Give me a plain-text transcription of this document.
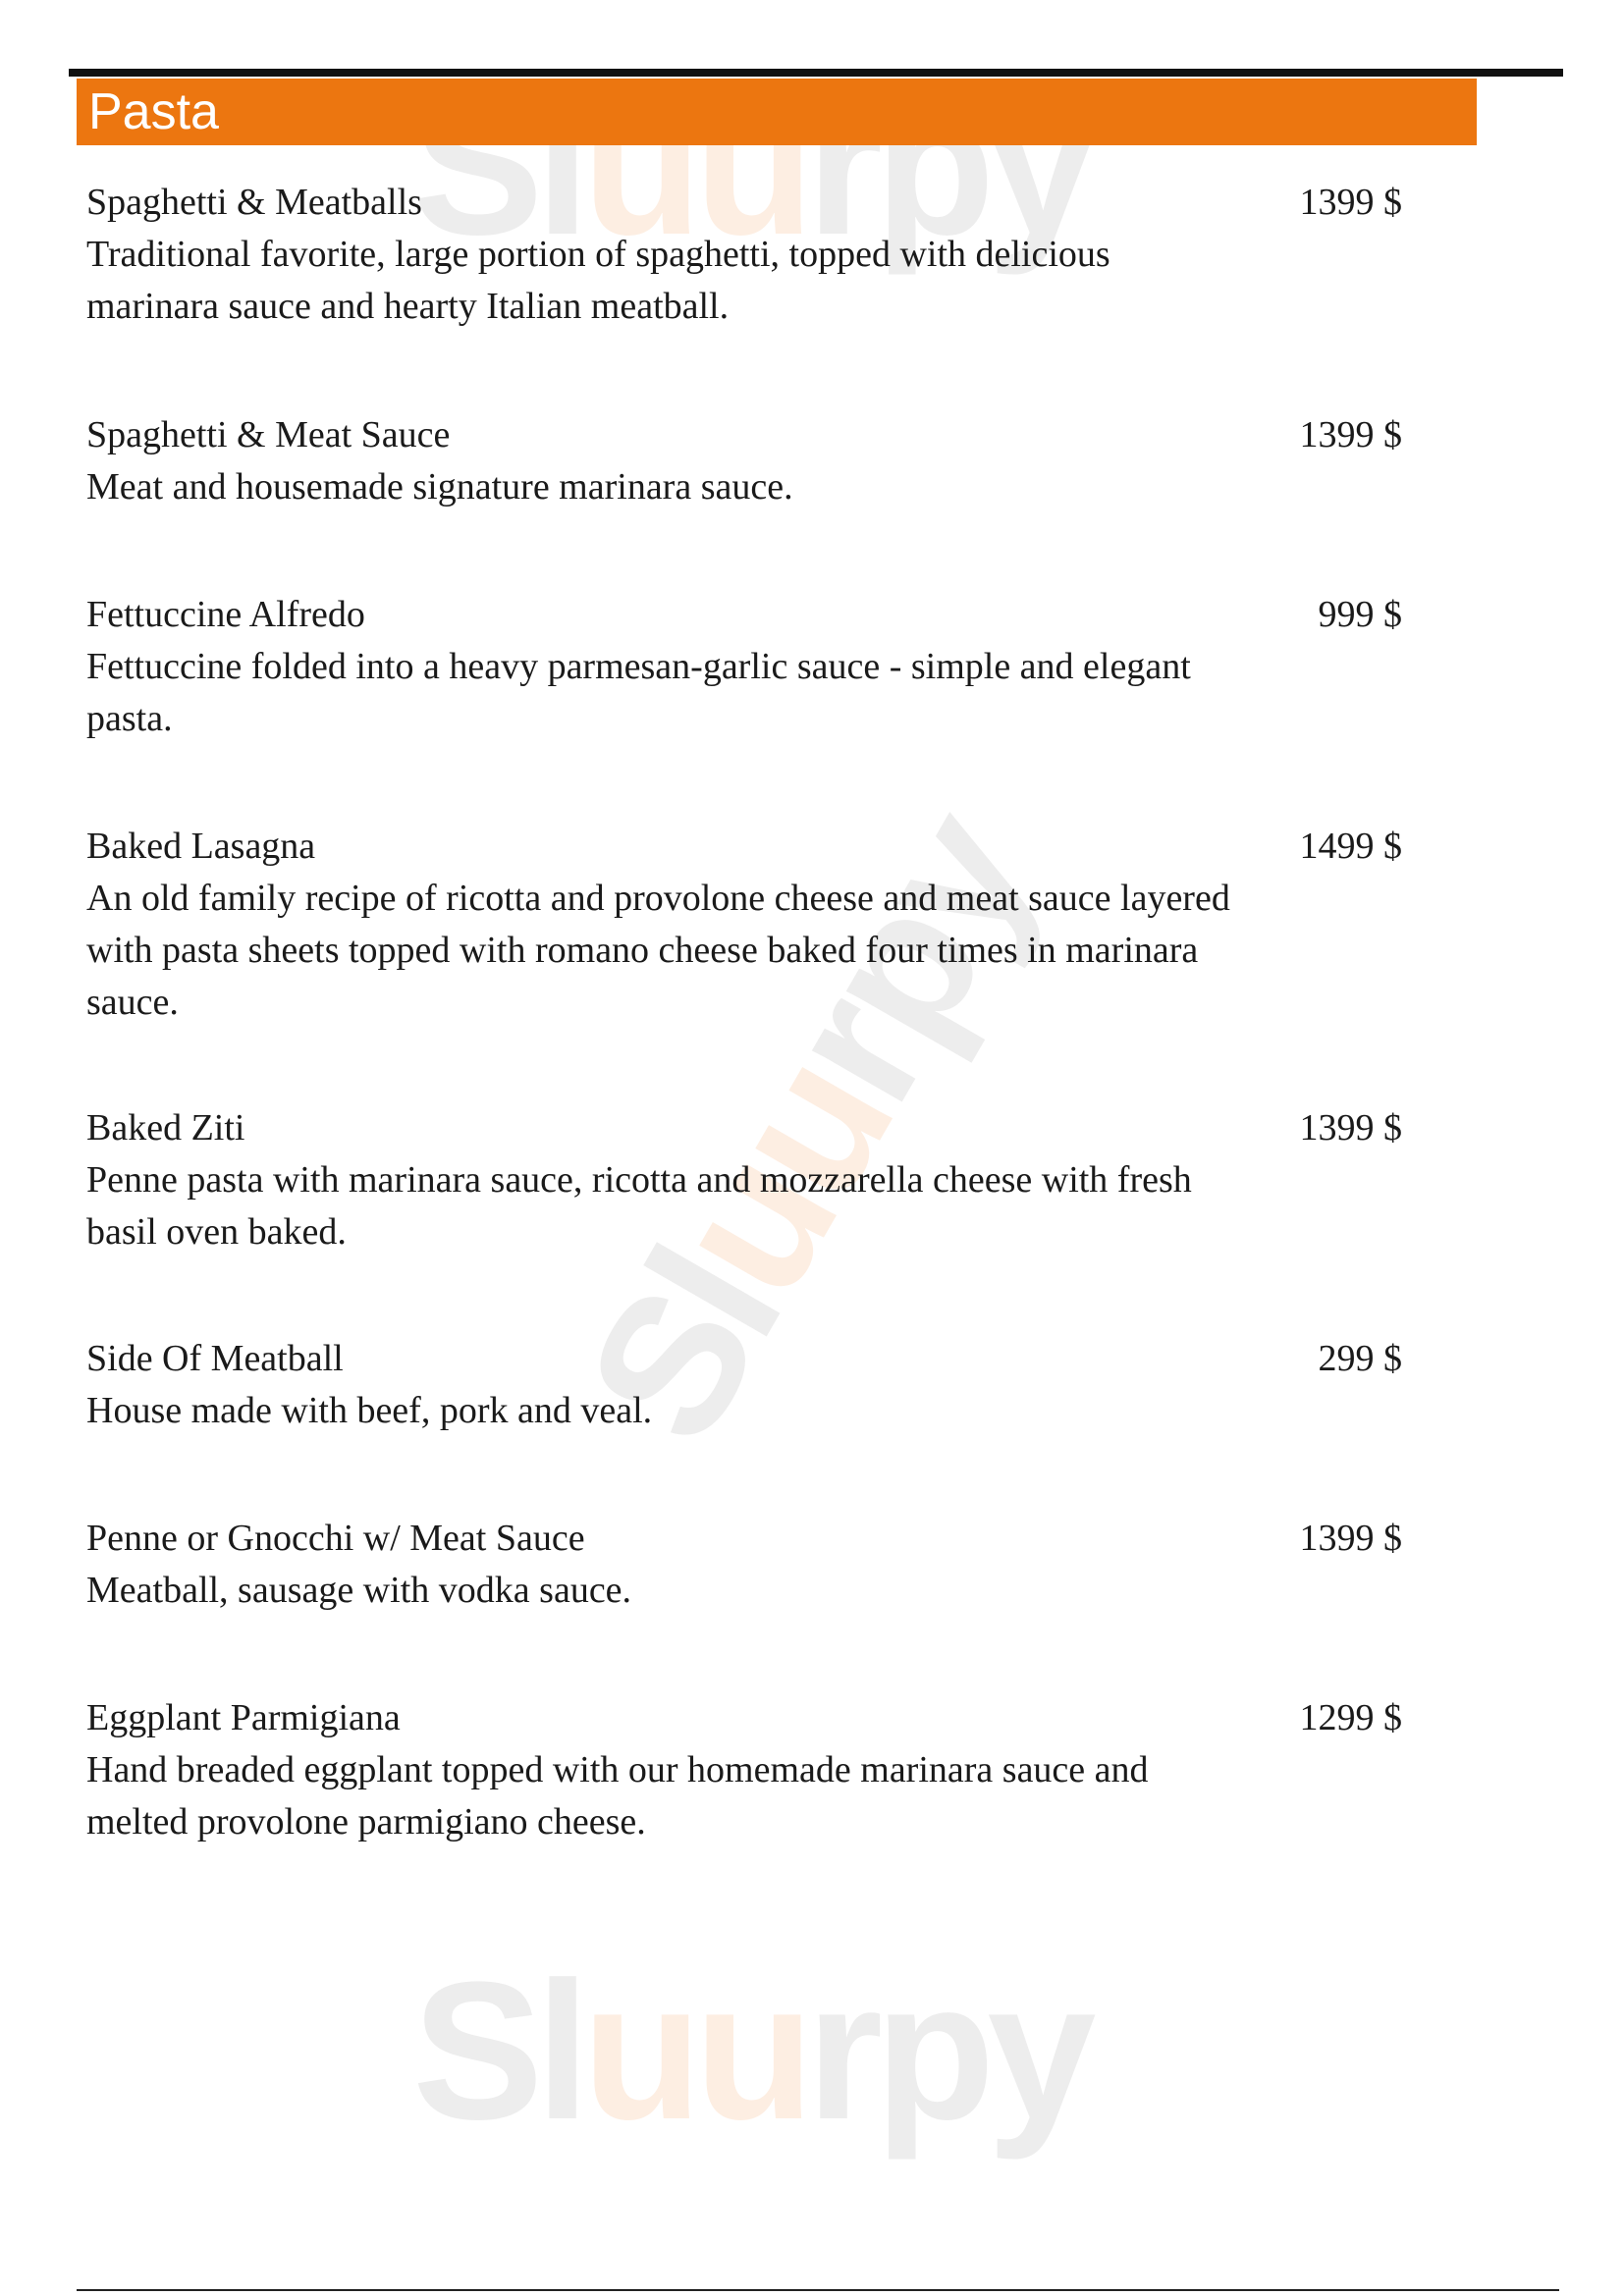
Sluurpy
Sluurpy
Sluurpy
Pasta
Spaghetti & Meatballs	1399 $
Traditional favorite, large portion of spaghetti, topped with delicious marinara sauce and hearty Italian meatball.
Spaghetti & Meat Sauce	1399 $
Meat and housemade signature marinara sauce.
Fettuccine Alfredo	999 $
Fettuccine folded into a heavy parmesan-garlic sauce - simple and elegant pasta.
Baked Lasagna	1499 $
An old family recipe of ricotta and provolone cheese and meat sauce layered with pasta sheets topped with romano cheese baked four times in marinara sauce.
Baked Ziti	1399 $
Penne pasta with marinara sauce, ricotta and mozzarella cheese with fresh basil oven baked.
Side Of Meatball	299 $
House made with beef, pork and veal.
Penne or Gnocchi w/ Meat Sauce	1399 $
Meatball, sausage with vodka sauce.
Eggplant Parmigiana	1299 $
Hand breaded eggplant topped with our homemade marinara sauce and melted provolone parmigiano cheese.
